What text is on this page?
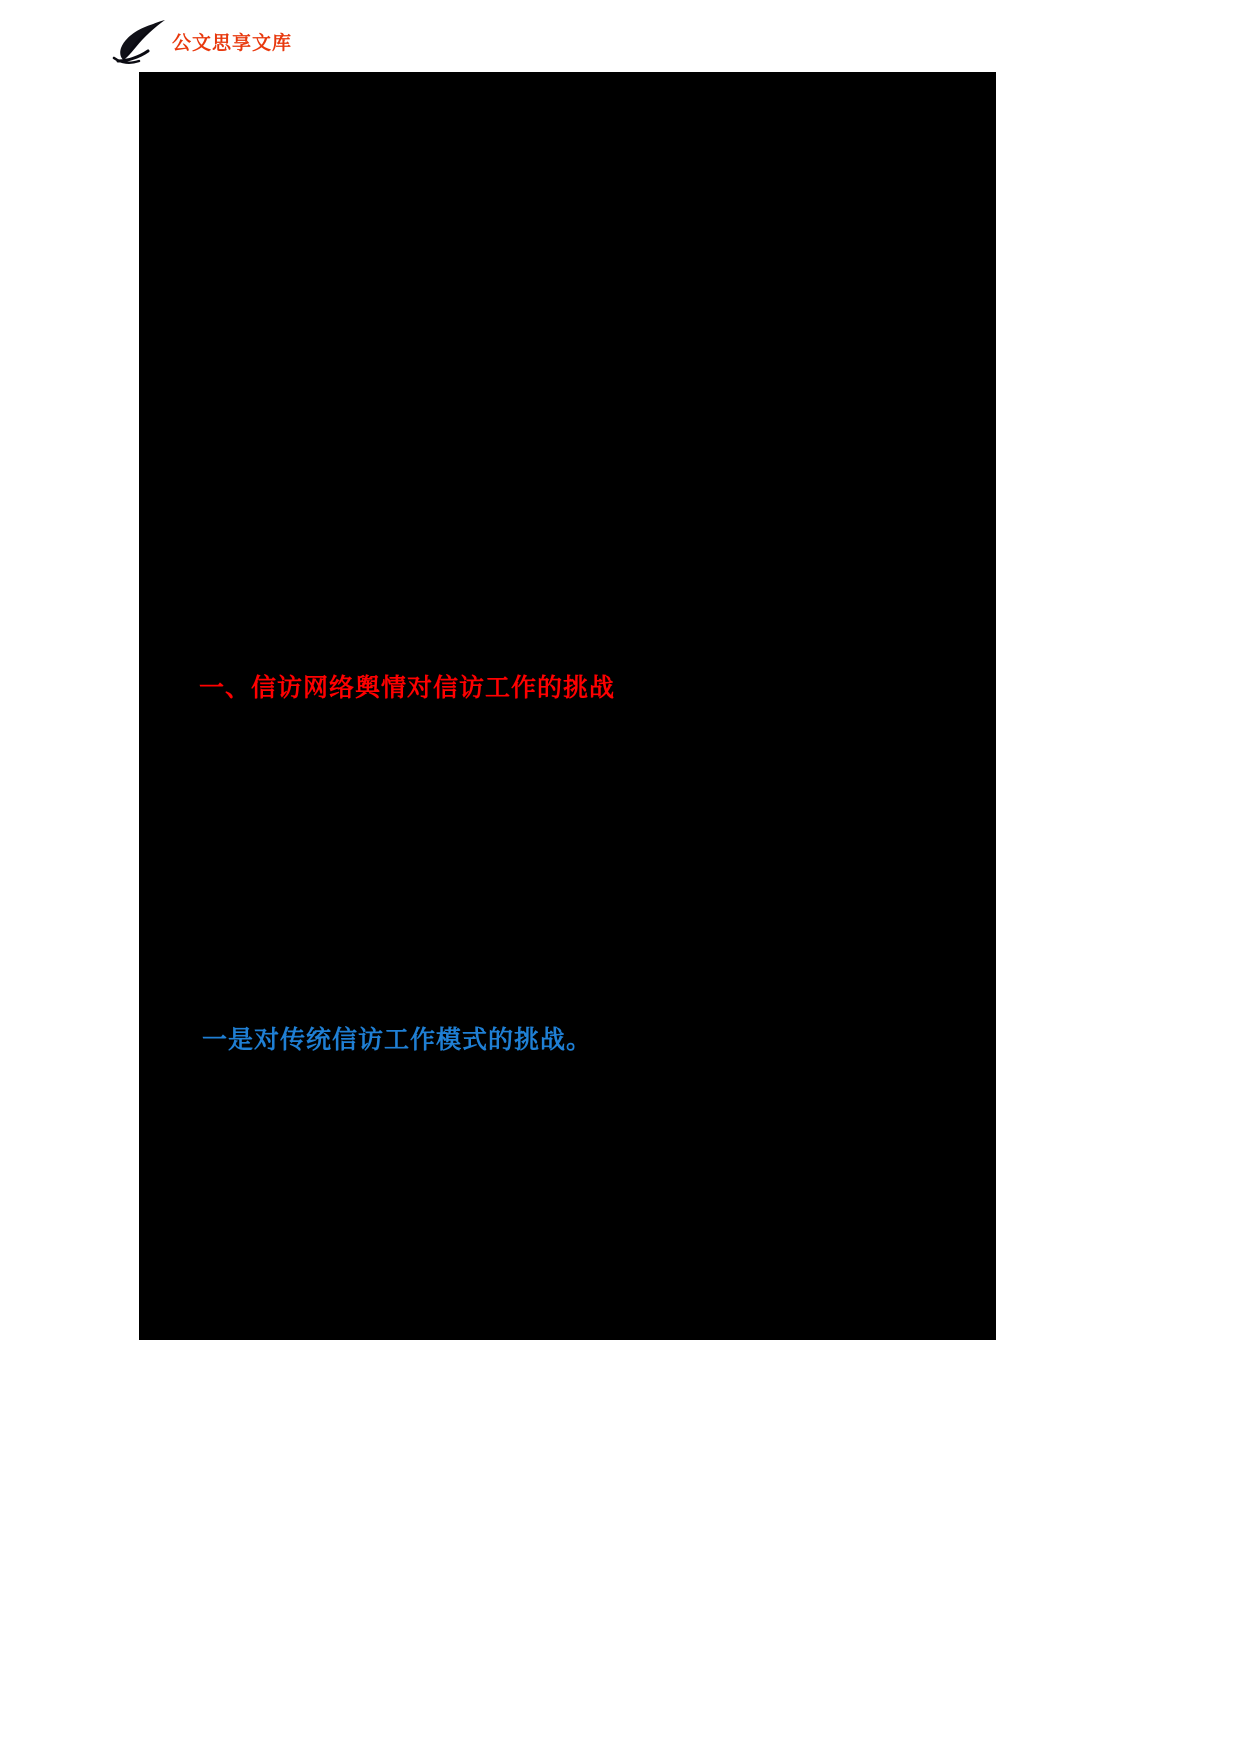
一、信访网络舆情对信访工作的挑战
一是对传统信访工作模式的挑战。
公文思享文库
